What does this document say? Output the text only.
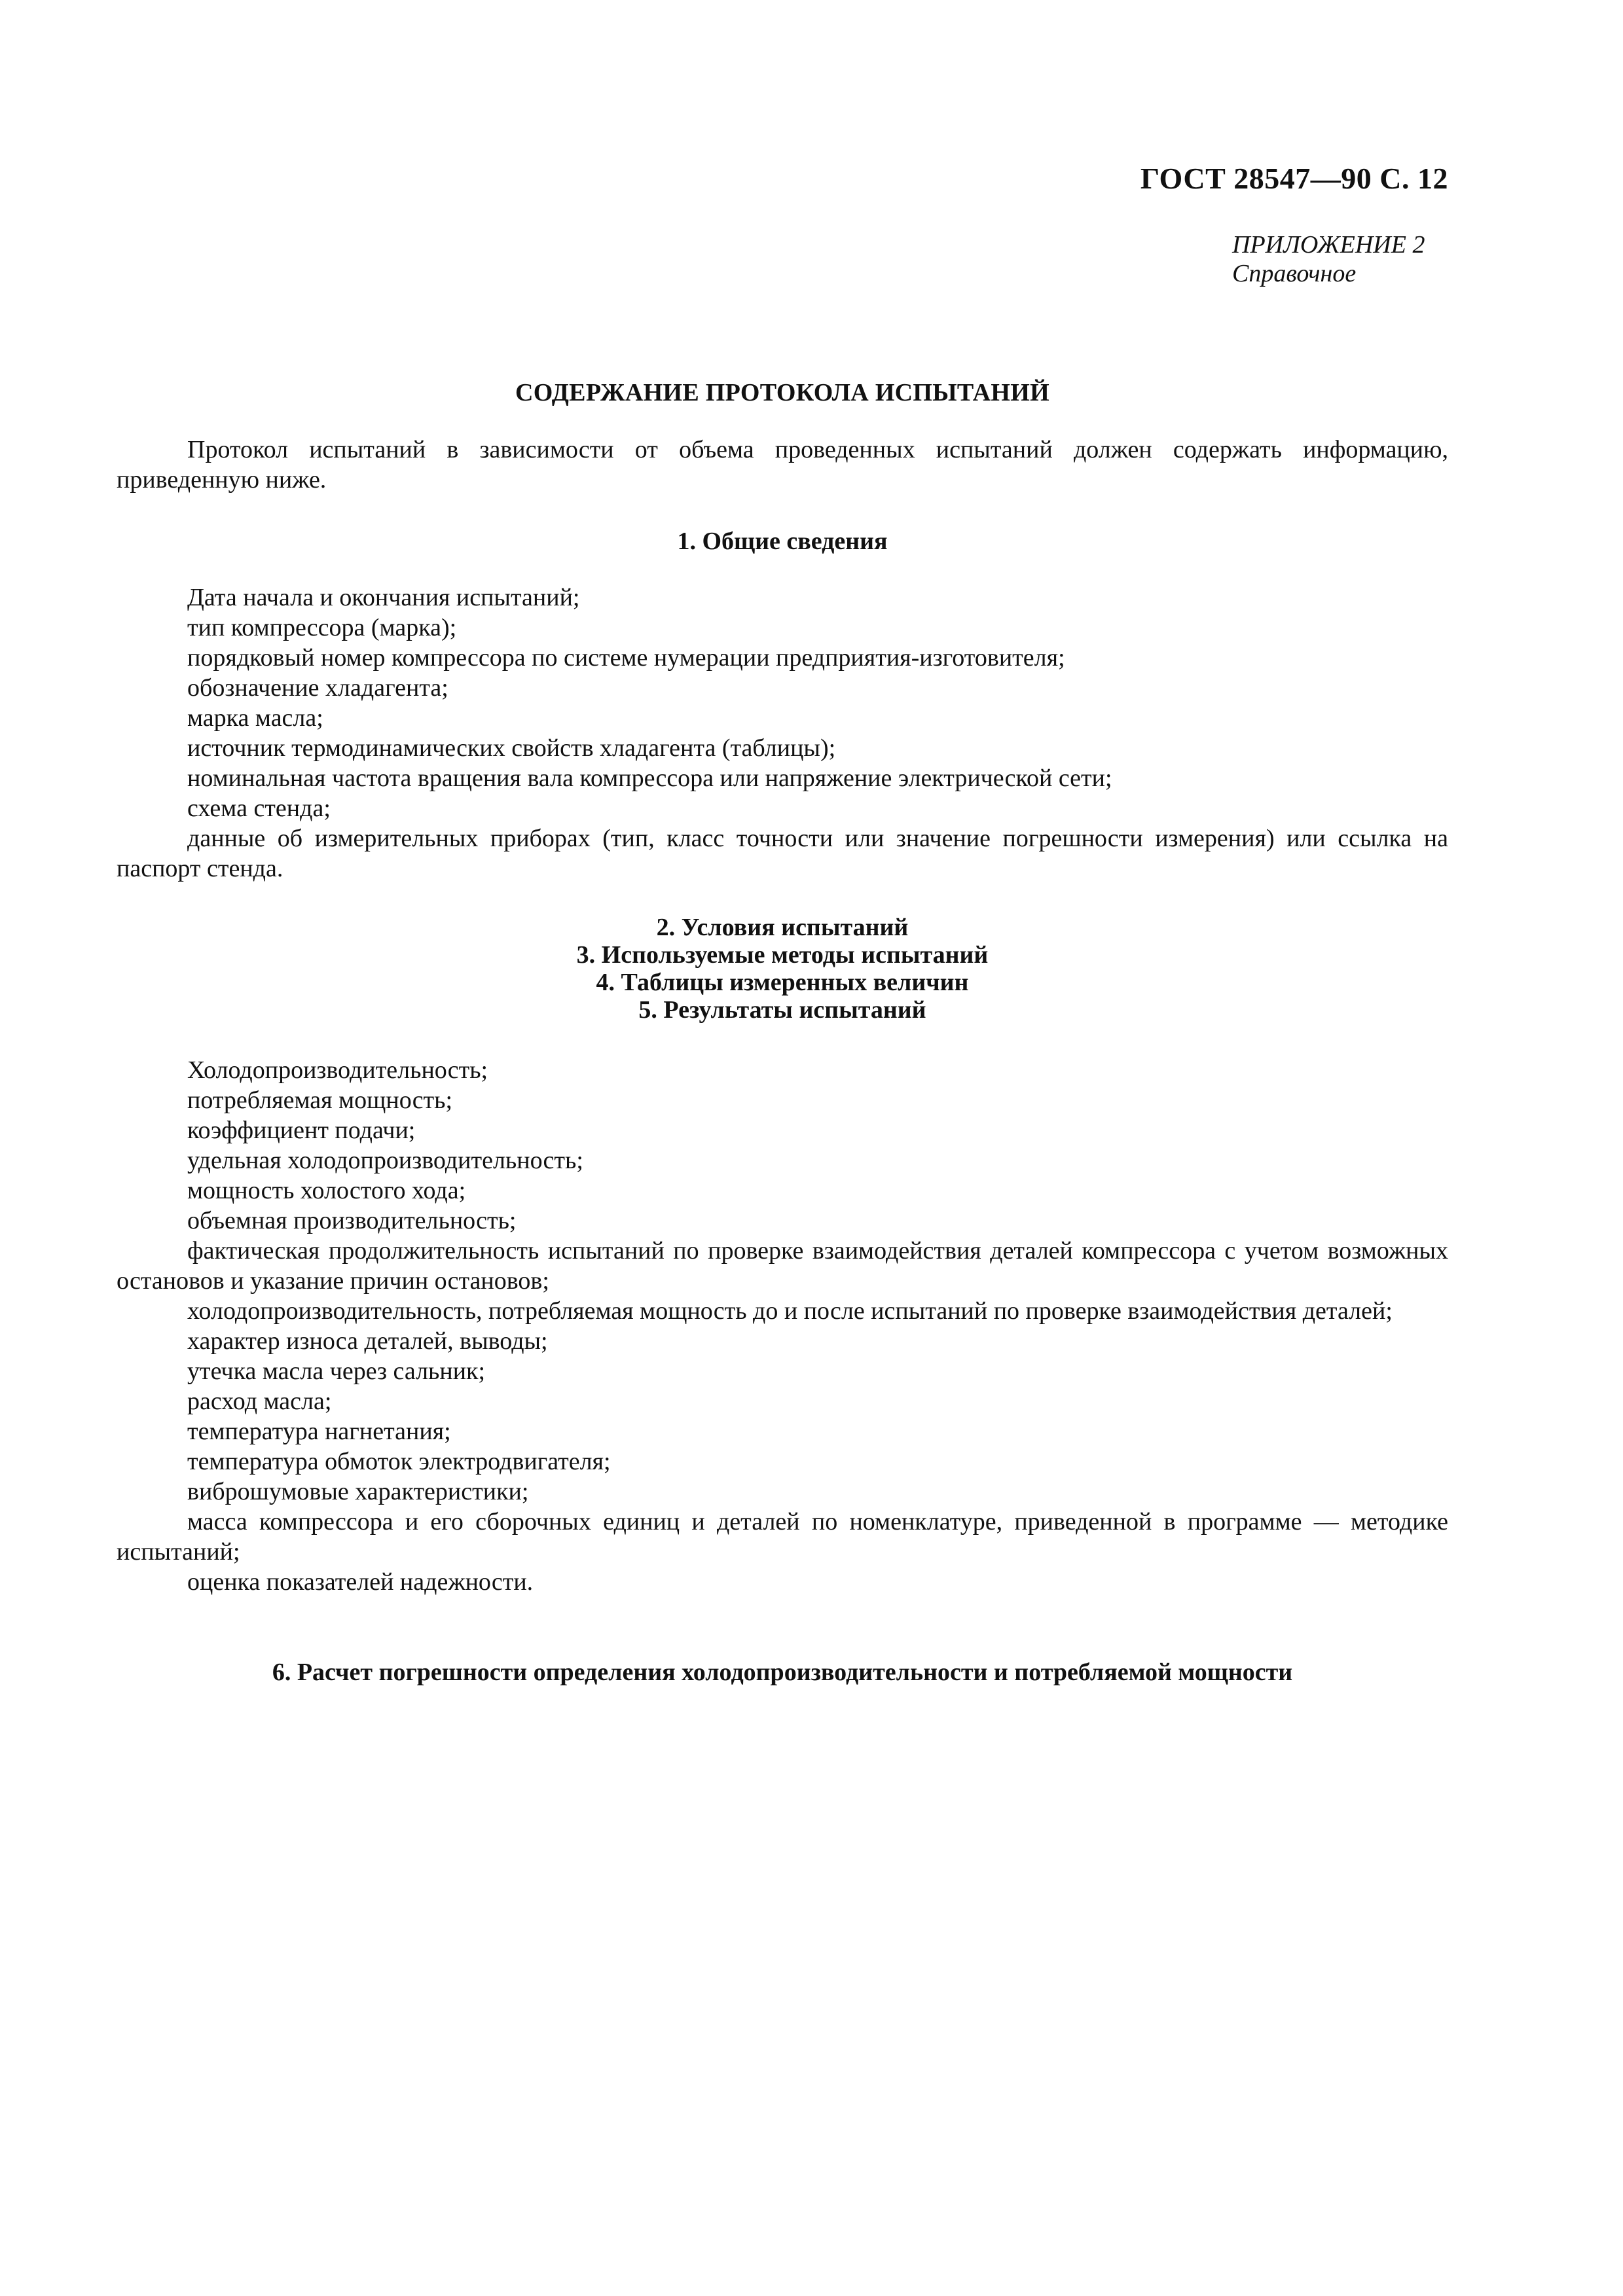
ГОСТ 28547—90 С. 12
ПРИЛОЖЕНИЕ 2
Справочное
СОДЕРЖАНИЕ ПРОТОКОЛА ИСПЫТАНИЙ
Протокол испытаний в зависимости от объема проведенных испытаний должен содержать информацию, приведенную ниже.
1. Общие сведения

Дата начала и окончания испытаний;

тип компрессора (марка);

порядковый номер компрессора по системе нумерации предприятия-изготовителя;

обозначение хладагента;

марка масла;

источник термодинамических свойств хладагента (таблицы);

номинальная частота вращения вала компрессора или напряжение электрической сети;

схема стенда;

данные об измерительных приборах (тип, класс точности или значение погрешности измерения) или ссылка на паспорт стенда.

2. Условия испытаний
3. Используемые методы испытаний
4. Таблицы измеренных величин
5. Результаты испытаний

Холодопроизводительность;

потребляемая мощность;

коэффициент подачи;

удельная холодопроизводительность;

мощность холостого хода;

объемная производительность;

фактическая продолжительность испытаний по проверке взаимодействия деталей компрессора с учетом возможных остановов и указание причин остановов;

холодопроизводительность, потребляемая мощность до и после испытаний по проверке взаимодействия деталей;

характер износа деталей, выводы;

утечка масла через сальник;

расход масла;

температура нагнетания;

температура обмоток электродвигателя;

виброшумовые характеристики;

масса компрессора и его сборочных единиц и деталей по номенклатуре, приведенной в программе — методике испытаний;

оценка показателей надежности.

6. Расчет погрешности определения холодопроизводительности и потребляемой мощности
